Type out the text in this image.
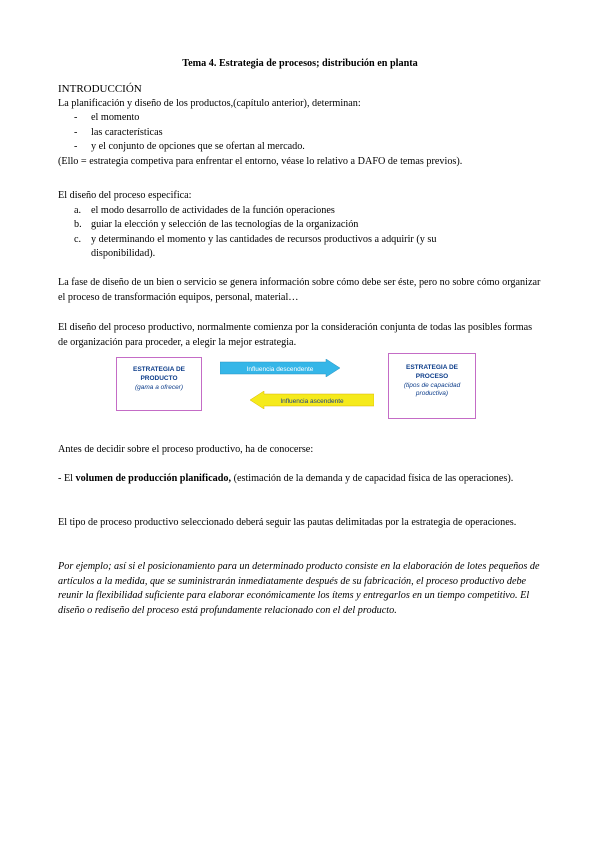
Tema 4. Estrategia de procesos; distribución en planta

INTRODUCCIÓN

La planificación y diseño de los productos,(capítulo anterior), determinan:

- el momento
- las características
- y el conjunto de opciones que se ofertan al mercado.

(Ello = estrategia competiva para enfrentar el entorno, véase lo relativo a DAFO de temas previos).

El diseño del proceso especifica:

a. el modo desarrollo de actividades de la función operaciones
b. guiar la elección y selección de las tecnologías de la organización
c. y determinando el momento y las cantidades de recursos productivos a adquirir (y su disponibilidad).

La fase de diseño de un bien o servicio se genera información sobre cómo debe ser éste, pero no sobre cómo organizar el proceso de transformación equipos, personal, material…

El diseño del proceso productivo, normalmente comienza por la consideración conjunta de todas las posibles formas de organización para proceder, a elegir la mejor estrategia.

ESTRATEGIA DE PRODUCTO
(gama a ofrecer)
Influencia descendente
Influencia ascendente
ESTRATEGIA DE PROCESO
(tipos de capacidad productiva)

Antes de decidir sobre el proceso productivo, ha de conocerse:

- El volumen de producción planificado, (estimación de la demanda y de capacidad física de las operaciones).

El tipo de proceso productivo seleccionado deberá seguir las pautas delimitadas por la estrategia de operaciones.

Por ejemplo; así si el posicionamiento para un determinado producto consiste en la elaboración de lotes pequeños de artículos a la medida, que se suministrarán inmediatamente después de su fabricación, el proceso productivo debe reunir la flexibilidad suficiente para elaborar económicamente los ítems y entregarlos en un tiempo competitivo. El diseño o rediseño del proceso está profundamente relacionado con el del producto.
